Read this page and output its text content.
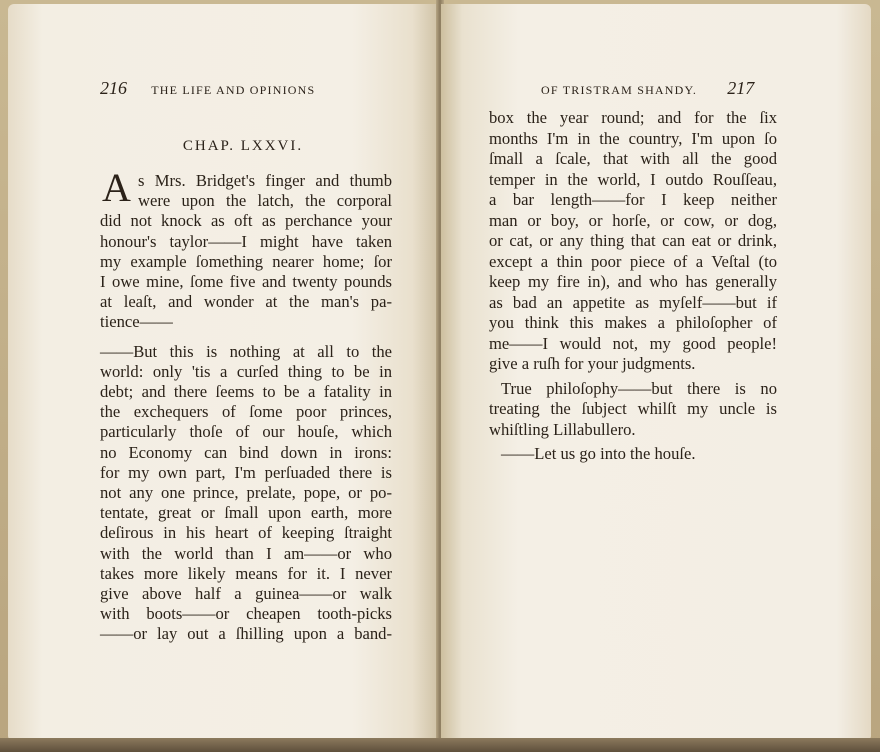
216 THE LIFE AND OPINIONS
CHAP. LXXVI.
A s Mrs. Bridget's finger and thumb
were upon the latch, the corporal
did not knock as oft as perchance your
honour's taylor——I might have taken
my example ſomething nearer home; ſor
I owe mine, ſome five and twenty pounds
at leaſt, and wonder at the man's pa-
tience——
——But this is nothing at all to the
world: only 'tis a curſed thing to be in
debt; and there ſeems to be a fatality in
the exchequers of ſome poor princes,
particularly thoſe of our houſe, which
no Economy can bind down in irons:
for my own part, I'm perſuaded there is
not any one prince, prelate, pope, or po-
tentate, great or ſmall upon earth, more
deſirous in his heart of keeping ſtraight
with the world than I am——or who
takes more likely means for it. I never
give above half a guinea——or walk
with boots——or cheapen tooth-picks
——or lay out a ſhilling upon a band-
OF TRISTRAM SHANDY. 217
box the year round; and for the ſix
months I'm in the country, I'm upon ſo
ſmall a ſcale, that with all the good
temper in the world, I outdo Rouſſeau,
a bar length——for I keep neither
man or boy, or horſe, or cow, or dog,
or cat, or any thing that can eat or drink,
except a thin poor piece of a Veſtal (to
keep my fire in), and who has generally
as bad an appetite as myſelf——but if
you think this makes a philoſopher of
me——I would not, my good people!
give a ruſh for your judgments.
True philoſophy——but there is no
treating the ſubject whilſt my uncle is
whiſtling Lillabullero.
——Let us go into the houſe.
